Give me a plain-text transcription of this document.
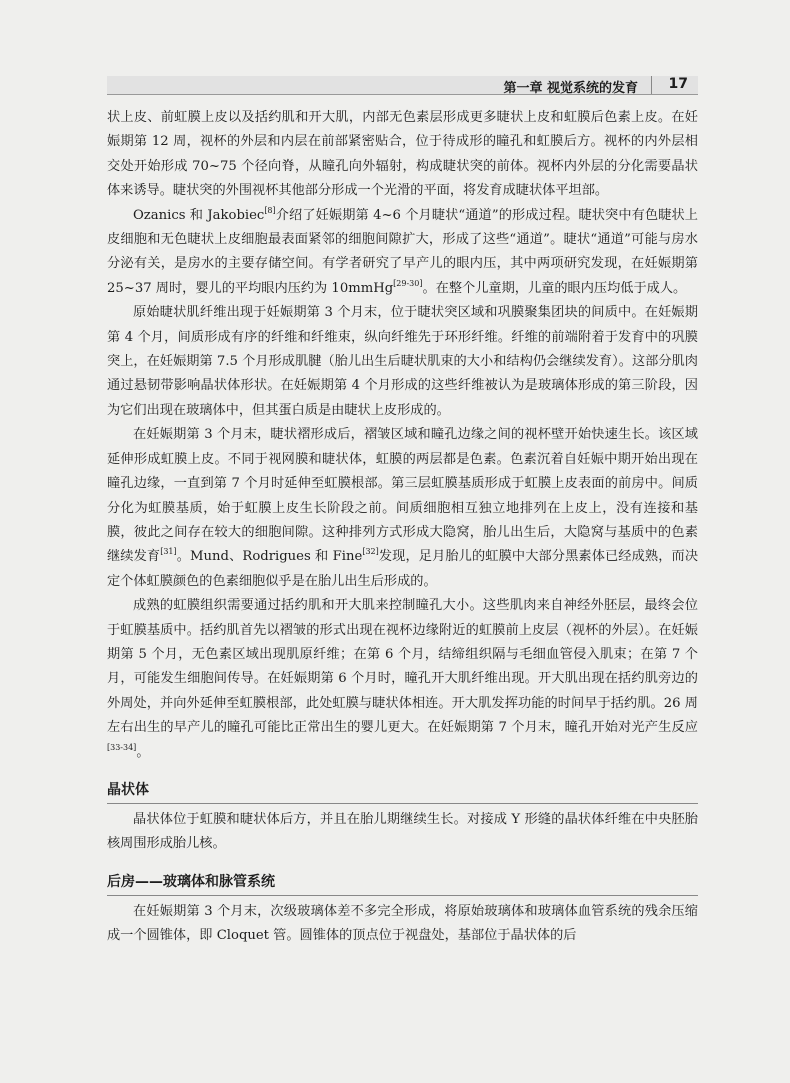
第一章 视觉系统的发育 17

状上皮、前虹膜上皮以及括约肌和开大肌，内部无色素层形成更多睫状上皮和虹膜后色素上皮。在妊娠期第 12 周，视杯的外层和内层在前部紧密贴合，位于待成形的瞳孔和虹膜后方。视杯的内外层相交处开始形成 70~75 个径向脊，从瞳孔向外辐射，构成睫状突的前体。视杯内外层的分化需要晶状体来诱导。睫状突的外围视杯其他部分形成一个光滑的平面，将发育成睫状体平坦部。

Ozanics 和 Jakobiec[8]介绍了妊娠期第 4~6 个月睫状“通道”的形成过程。睫状突中有色睫状上皮细胞和无色睫状上皮细胞最表面紧邻的细胞间隙扩大，形成了这些“通道”。睫状“通道”可能与房水分泌有关，是房水的主要存储空间。有学者研究了早产儿的眼内压，其中两项研究发现，在妊娠期第 25~37 周时，婴儿的平均眼内压约为 10mmHg[29-30]。在整个儿童期，儿童的眼内压均低于成人。

原始睫状肌纤维出现于妊娠期第 3 个月末，位于睫状突区域和巩膜聚集团块的间质中。在妊娠期第 4 个月，间质形成有序的纤维和纤维束，纵向纤维先于环形纤维。纤维的前端附着于发育中的巩膜突上，在妊娠期第 7.5 个月形成肌腱（胎儿出生后睫状肌束的大小和结构仍会继续发育）。这部分肌肉通过悬韧带影响晶状体形状。在妊娠期第 4 个月形成的这些纤维被认为是玻璃体形成的第三阶段，因为它们出现在玻璃体中，但其蛋白质是由睫状上皮形成的。

在妊娠期第 3 个月末，睫状褶形成后，褶皱区域和瞳孔边缘之间的视杯壁开始快速生长。该区域延伸形成虹膜上皮。不同于视网膜和睫状体，虹膜的两层都是色素。色素沉着自妊娠中期开始出现在瞳孔边缘，一直到第 7 个月时延伸至虹膜根部。第三层虹膜基质形成于虹膜上皮表面的前房中。间质分化为虹膜基质，始于虹膜上皮生长阶段之前。间质细胞相互独立地排列在上皮上，没有连接和基膜，彼此之间存在较大的细胞间隙。这种排列方式形成大隐窝，胎儿出生后，大隐窝与基质中的色素继续发育[31]。Mund、Rodrigues 和 Fine[32]发现，足月胎儿的虹膜中大部分黑素体已经成熟，而决定个体虹膜颜色的色素细胞似乎是在胎儿出生后形成的。

成熟的虹膜组织需要通过括约肌和开大肌来控制瞳孔大小。这些肌肉来自神经外胚层，最终会位于虹膜基质中。括约肌首先以褶皱的形式出现在视杯边缘附近的虹膜前上皮层（视杯的外层）。在妊娠期第 5 个月，无色素区域出现肌原纤维；在第 6 个月，结缔组织隔与毛细血管侵入肌束；在第 7 个月，可能发生细胞间传导。在妊娠期第 6 个月时，瞳孔开大肌纤维出现。开大肌出现在括约肌旁边的外周处，并向外延伸至虹膜根部，此处虹膜与睫状体相连。开大肌发挥功能的时间早于括约肌。26 周左右出生的早产儿的瞳孔可能比正常出生的婴儿更大。在妊娠期第 7 个月末，瞳孔开始对光产生反应[33-34]。

晶状体

晶状体位于虹膜和睫状体后方，并且在胎儿期继续生长。对接成 Y 形缝的晶状体纤维在中央胚胎核周围形成胎儿核。

后房——玻璃体和脉管系统

在妊娠期第 3 个月末，次级玻璃体差不多完全形成，将原始玻璃体和玻璃体血管系统的残余压缩成一个圆锥体，即 Cloquet 管。圆锥体的顶点位于视盘处，基部位于晶状体的后
